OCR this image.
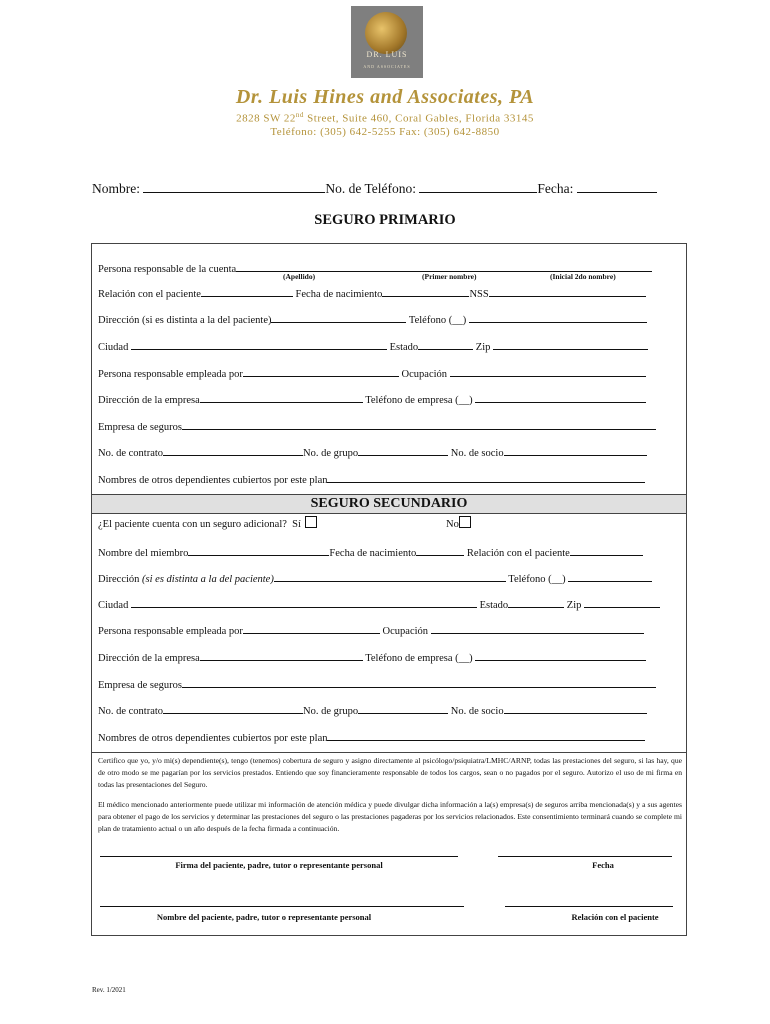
DR. LUIS
AND ASSOCIATES
Dr. Luis Hines and Associates, PA
2828 SW 22nd Street, Suite 460, Coral Gables, Florida 33145
Teléfono: (305) 642-5255 Fax: (305) 642-8850
Nombre:	No. de Teléfono:	Fecha:
SEGURO PRIMARIO
Persona responsable de la cuenta
(Apellido)	(Primer nombre)	(Inicial 2do nombre)
Relación con el paciente	Fecha de nacimiento	NSS
Dirección (si es distinta a la del paciente)	Teléfono (__)
Ciudad	Estado	Zip
Persona responsable empleada por	Ocupación
Dirección de la empresa	Teléfono de empresa (__)
Empresa de seguros
No. de contrato	No. de grupo	No. de socio
Nombres de otros dependientes cubiertos por este plan
SEGURO SECUNDARIO
¿El paciente cuenta con un seguro adicional? Sí	No
Nombre del miembro	Fecha de nacimiento	Relación con el paciente
Dirección (si es distinta a la del paciente)	Teléfono (__)
Ciudad	Estado	Zip
Persona responsable empleada por	Ocupación
Dirección de la empresa	Teléfono de empresa (__)
Empresa de seguros
No. de contrato	No. de grupo	No. de socio
Nombres de otros dependientes cubiertos por este plan
Certifico que yo, y/o mi(s) dependiente(s), tengo (tenemos) cobertura de seguro y asigno directamente al psicólogo/psiquiatra/LMHC/ARNP, todas las prestaciones del seguro, si las hay, que de otro modo se me pagarían por los servicios prestados. Entiendo que soy financieramente responsable de todos los cargos, sean o no pagados por el seguro. Autorizo el uso de mi firma en todas las presentaciones del Seguro.
El médico mencionado anteriormente puede utilizar mi información de atención médica y puede divulgar dicha información a la(s) empresa(s) de seguros arriba mencionada(s) y a sus agentes para obtener el pago de los servicios y determinar las prestaciones del seguro o las prestaciones pagaderas por los servicios relacionados. Este consentimiento terminará cuando se complete mi plan de tratamiento actual o un año después de la fecha firmada a continuación.
Firma del paciente, padre, tutor o representante personal	Fecha
Nombre del paciente, padre, tutor o representante personal	Relación con el paciente
Rev. 1/2021
